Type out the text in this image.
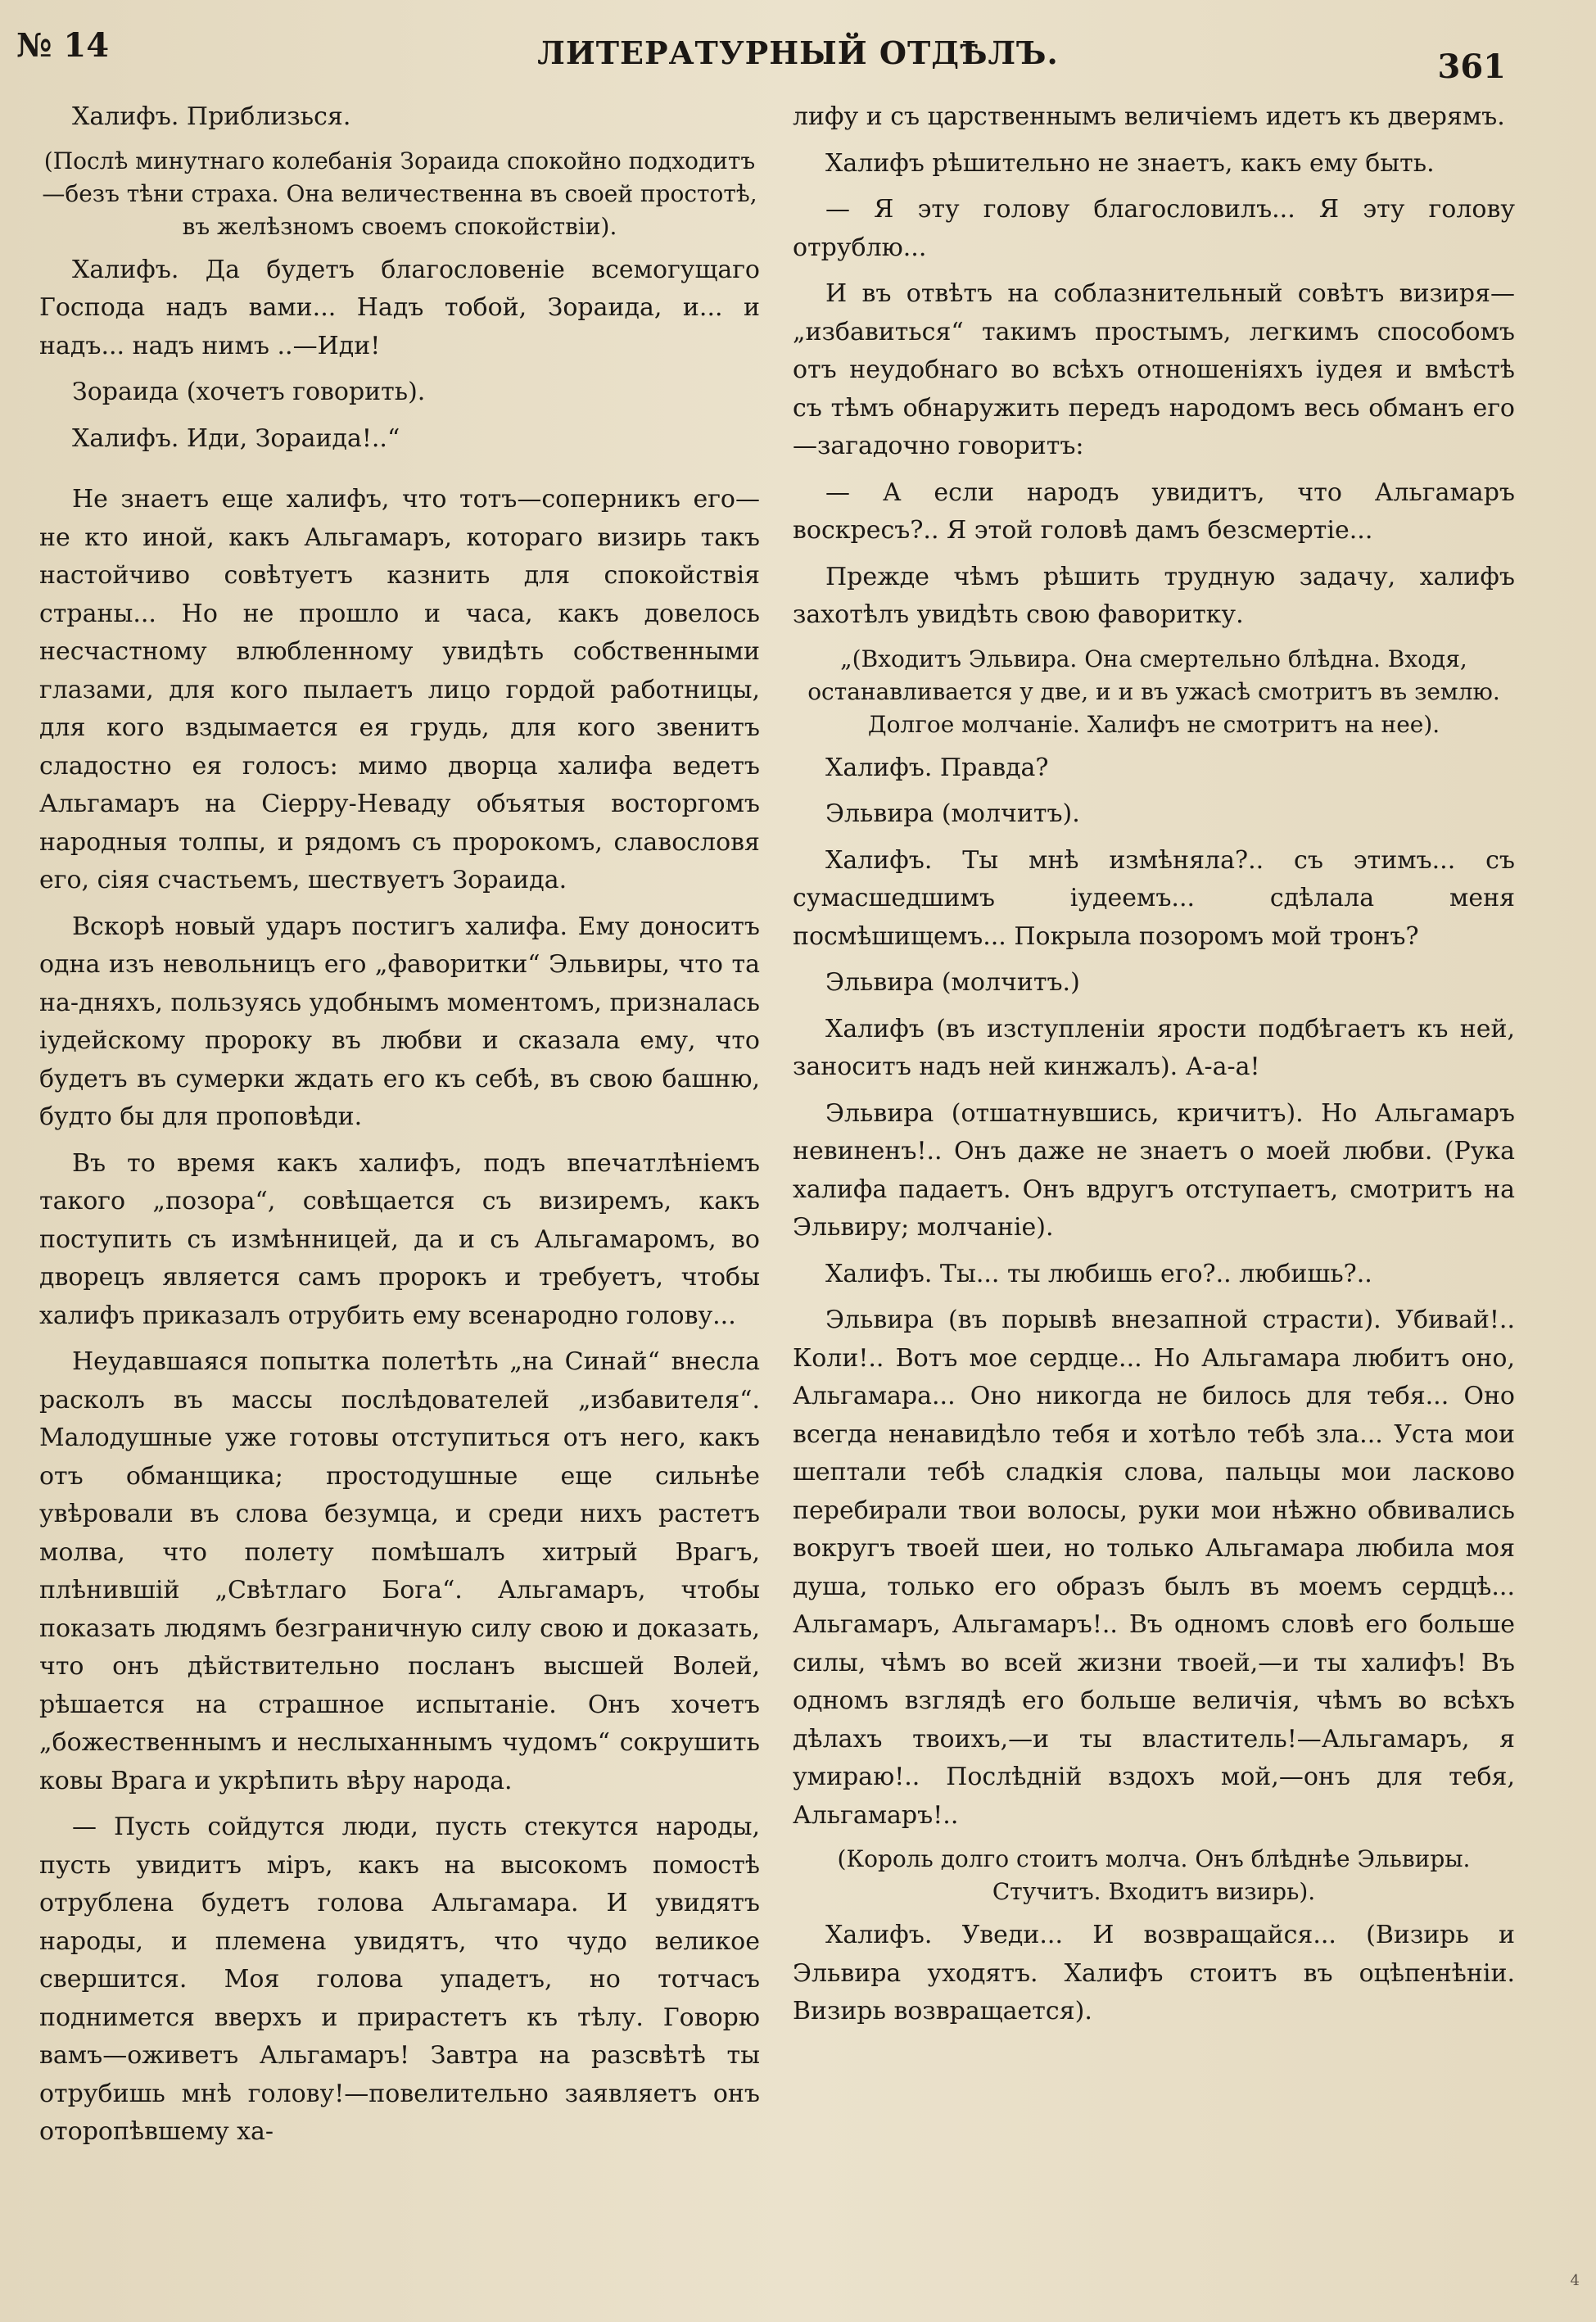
№ 14	ЛИТЕРАТУРНЫЙ ОТДѢЛЪ.	361

Халифъ. Приблизься.

(Послѣ минутнаго колебанія Зораида спокойно подходитъ—безъ тѣни страха. Она величественна въ своей простотѣ, въ желѣзномъ своемъ спокойствіи).

Халифъ. Да будетъ благословеніе всемогущаго Господа надъ вами... Надъ тобой, Зораида, и... и надъ... надъ нимъ ..—Иди!

Зораида (хочетъ говорить).

Халифъ. Иди, Зораида!..“

Не знаетъ еще халифъ, что тотъ—соперникъ его—не кто иной, какъ Альгамаръ, котораго визирь такъ настойчиво совѣтуетъ казнить для спокойствія страны... Но не прошло и часа, какъ довелось несчастному влюбленному увидѣть собственными глазами, для кого пылаетъ лицо гордой работницы, для кого вздымается ея грудь, для кого звенитъ сладостно ея голосъ: мимо дворца халифа ведетъ Альгамаръ на Сіерру-Неваду объятыя восторгомъ народныя толпы, и рядомъ съ пророкомъ, славословя его, сіяя счастьемъ, шествуетъ Зораида.

Вскорѣ новый ударъ постигъ халифа. Ему доноситъ одна изъ невольницъ его „фаворитки“ Эльвиры, что та на-дняхъ, пользуясь удобнымъ моментомъ, призналась іудейскому пророку въ любви и сказала ему, что будетъ въ сумерки ждать его къ себѣ, въ свою башню, будто бы для проповѣди.

Въ то время какъ халифъ, подъ впечатлѣніемъ такого „позора“, совѣщается съ визиремъ, какъ поступить съ измѣнницей, да и съ Альгамаромъ, во дворецъ является самъ пророкъ и требуетъ, чтобы халифъ приказалъ отрубить ему всенародно голову...

Неудавшаяся попытка полетѣть „на Синай“ внесла расколъ въ массы послѣдователей „избавителя“. Малодушные уже готовы отступиться отъ него, какъ отъ обманщика; простодушные еще сильнѣе увѣровали въ слова безумца, и среди нихъ растетъ молва, что полету помѣшалъ хитрый Врагъ, плѣнившій „Свѣтлаго Бога“. Альгамаръ, чтобы показать людямъ безграничную силу свою и доказать, что онъ дѣйствительно посланъ высшей Волей, рѣшается на страшное испытаніе. Онъ хочетъ „божественнымъ и неслыханнымъ чудомъ“ сокрушить ковы Врага и укрѣпить вѣру народа.

— Пусть сойдутся люди, пусть стекутся народы, пусть увидитъ міръ, какъ на высокомъ помостѣ отрублена будетъ голова Альгамара. И увидятъ народы, и племена увидятъ, что чудо великое свершится. Моя голова упадетъ, но тотчасъ поднимется вверхъ и прирастетъ къ тѣлу. Говорю вамъ—оживетъ Альгамаръ! Завтра на разсвѣтѣ ты отрубишь мнѣ голову!—повелительно заявляетъ онъ оторопѣвшему ха-

лифу и съ царственнымъ величіемъ идетъ къ дверямъ.

Халифъ рѣшительно не знаетъ, какъ ему быть.

— Я эту голову благословилъ... Я эту голову отрублю...

И въ отвѣтъ на соблазнительный совѣтъ визиря—„избавиться“ такимъ простымъ, легкимъ способомъ отъ неудобнаго во всѣхъ отношеніяхъ іудея и вмѣстѣ съ тѣмъ обнаружить передъ народомъ весь обманъ его—загадочно говоритъ:

— А если народъ увидитъ, что Альгамаръ воскресъ?.. Я этой головѣ дамъ безсмертіе...

Прежде чѣмъ рѣшить трудную задачу, халифъ захотѣлъ увидѣть свою фаворитку.

„(Входитъ Эльвира. Она смертельно блѣдна. Входя, останавливается у две, и и въ ужасѣ смотритъ въ землю. Долгое молчаніе. Халифъ не смотритъ на нее).

Халифъ. Правда?

Эльвира (молчитъ).

Халифъ. Ты мнѣ измѣняла?.. съ этимъ... съ сумасшедшимъ іудеемъ... сдѣлала меня посмѣшищемъ... Покрыла позоромъ мой тронъ?

Эльвира (молчитъ.)

Халифъ (въ изступленіи ярости подбѣгаетъ къ ней, заноситъ надъ ней кинжалъ). А-а-а!

Эльвира (отшатнувшись, кричитъ). Но Альгамаръ невиненъ!.. Онъ даже не знаетъ о моей любви. (Рука халифа падаетъ. Онъ вдругъ отступаетъ, смотритъ на Эльвиру; молчаніе).

Халифъ. Ты... ты любишь его?.. любишь?..

Эльвира (въ порывѣ внезапной страсти). Убивай!.. Коли!.. Вотъ мое сердце... Но Альгамара любитъ оно, Альгамара... Оно никогда не билось для тебя... Оно всегда ненавидѣло тебя и хотѣло тебѣ зла... Уста мои шептали тебѣ сладкія слова, пальцы мои ласково перебирали твои волосы, руки мои нѣжно обвивались вокругъ твоей шеи, но только Альгамара любила моя душа, только его образъ былъ въ моемъ сердцѣ... Альгамаръ, Альгамаръ!.. Въ одномъ словѣ его больше силы, чѣмъ во всей жизни твоей,—и ты халифъ! Въ одномъ взглядѣ его больше величія, чѣмъ во всѣхъ дѣлахъ твоихъ,—и ты властитель!—Альгамаръ, я умираю!.. Послѣдній вздохъ мой,—онъ для тебя, Альгамаръ!..

(Король долго стоитъ молча. Онъ блѣднѣе Эльвиры. Стучитъ. Входитъ визирь).

Халифъ. Уведи... И возвращайся... (Визирь и Эльвира уходятъ. Халифъ стоитъ въ оцѣпенѣніи. Визирь возвращается).

4
